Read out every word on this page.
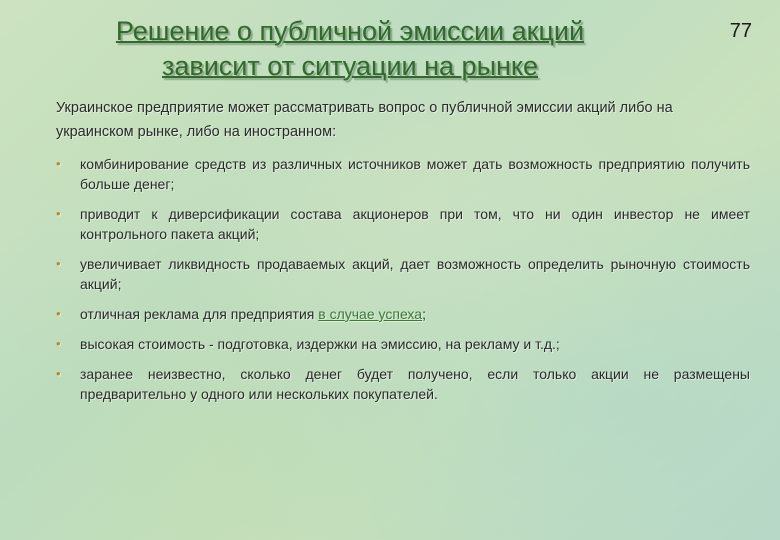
Решение о публичной эмиссии акций
зависит от ситуации на рынке
77
Украинское предприятие может рассматривать вопрос о публичной эмиссии акций либо на украинском рынке, либо на иностранном:
• комбинирование средств из различных источников может дать возможность предприятию получить больше денег;
• приводит к диверсификации состава акционеров при том, что ни один инвестор не имеет контрольного пакета акций;
• увеличивает ликвидность продаваемых акций, дает возможность определить рыночную стоимость акций;
• отличная реклама для предприятия в случае успеха;
• высокая стоимость - подготовка, издержки на эмиссию, на рекламу и т.д.;
• заранее неизвестно, сколько денег будет получено, если только акции не размещены предварительно у одного или нескольких покупателей.
